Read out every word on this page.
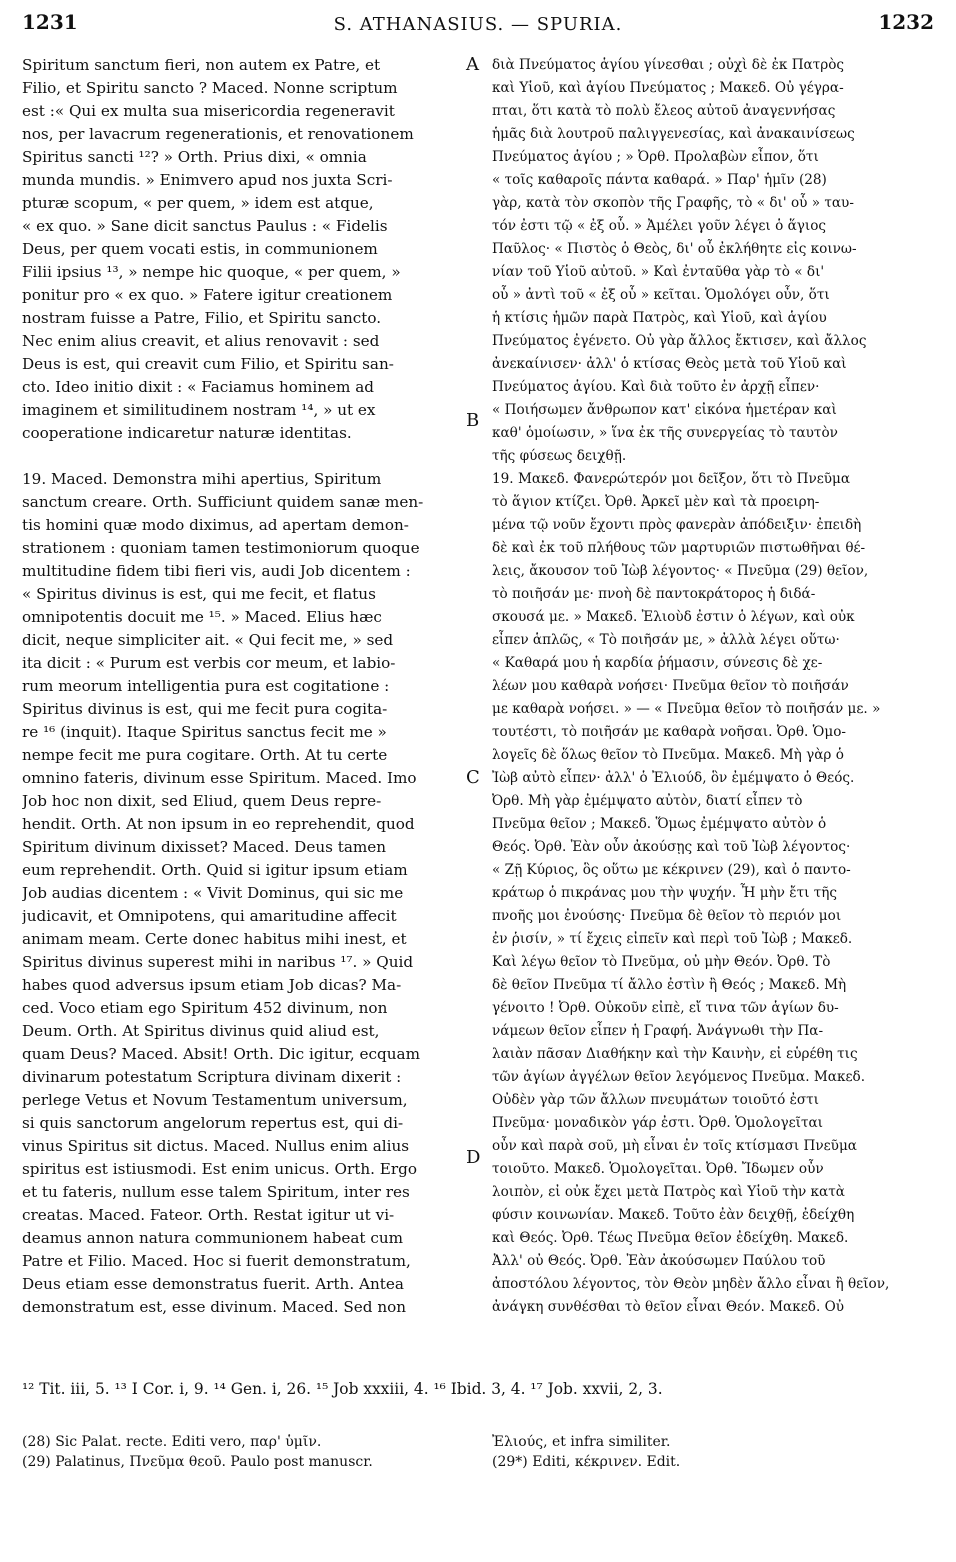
1231	S. ATHANASIUS. — SPURIA.	1232
A
B
C
D

Spiritum sanctum fieri, non autem ex Patre, et

Filio, et Spiritu sancto ? Maced. Nonne scriptum

est :« Qui ex multa sua misericordia regeneravit

nos, per lavacrum regenerationis, et renovationem

Spiritus sancti ¹²? » Orth. Prius dixi, « omnia

munda mundis. » Enimvero apud nos juxta Scri-

pturæ scopum, « per quem, » idem est atque,

« ex quo. » Sane dicit sanctus Paulus : « Fidelis

Deus, per quem vocati estis, in communionem

Filii ipsius ¹³, » nempe hic quoque, « per quem, »

ponitur pro « ex quo. » Fatere igitur creationem

nostram fuisse a Patre, Filio, et Spiritu sancto.

Nec enim alius creavit, et alius renovavit : sed

Deus is est, qui creavit cum Filio, et Spiritu san-

cto. Ideo initio dixit : « Faciamus hominem ad

imaginem et similitudinem nostram ¹⁴, » ut ex

cooperatione indicaretur naturæ identitas.

19. Maced. Demonstra mihi apertius, Spiritum

sanctum creare. Orth. Sufficiunt quidem sanæ men-

tis homini quæ modo diximus, ad apertam demon-

strationem : quoniam tamen testimoniorum quoque

multitudine fidem tibi fieri vis, audi Job dicentem :

« Spiritus divinus is est, qui me fecit, et flatus

omnipotentis docuit me ¹⁵. » Maced. Elius hæc

dicit, neque simpliciter ait. « Qui fecit me, » sed

ita dicit : « Purum est verbis cor meum, et labio-

rum meorum intelligentia pura est cogitatione :

Spiritus divinus is est, qui me fecit pura cogita-

re ¹⁶ (inquit). Itaque Spiritus sanctus fecit me »

nempe fecit me pura cogitare. Orth. At tu certe

omnino fateris, divinum esse Spiritum. Maced. Imo

Job hoc non dixit, sed Eliud, quem Deus repre-

hendit. Orth. At non ipsum in eo reprehendit, quod

Spiritum divinum dixisset? Maced. Deus tamen

eum reprehendit. Orth. Quid si igitur ipsum etiam

Job audias dicentem : « Vivit Dominus, qui sic me

judicavit, et Omnipotens, qui amaritudine affecit

animam meam. Certe donec habitus mihi inest, et

Spiritus divinus superest mihi in naribus ¹⁷. » Quid

habes quod adversus ipsum etiam Job dicas? Ma-

ced. Voco etiam ego Spiritum 452 divinum, non

Deum. Orth. At Spiritus divinus quid aliud est,

quam Deus? Maced. Absit! Orth. Dic igitur, ecquam

divinarum potestatum Scriptura divinam dixerit :

perlege Vetus et Novum Testamentum universum,

si quis sanctorum angelorum repertus est, qui di-

vinus Spiritus sit dictus. Maced. Nullus enim alius

spiritus est istiusmodi. Est enim unicus. Orth. Ergo

et tu fateris, nullum esse talem Spiritum, inter res

creatas. Maced. Fateor. Orth. Restat igitur ut vi-

deamus annon natura communionem habeat cum

Patre et Filio. Maced. Hoc si fuerit demonstratum,

Deus etiam esse demonstratus fuerit. Arth. Antea

demonstratum est, esse divinum. Maced. Sed non

διὰ Πνεύματος ἁγίου γίνεσθαι ; οὐχὶ δὲ ἐκ Πατρὸς

καὶ Υἱοῦ, καὶ ἁγίου Πνεύματος ; Μακεδ. Οὐ γέγρα-

πται, ὅτι κατὰ τὸ πολὺ ἔλεος αὐτοῦ ἀναγεννήσας

ἡμᾶς διὰ λουτροῦ παλιγγενεσίας, καὶ ἀνακαινίσεως

Πνεύματος ἁγίου ; » Ὀρθ. Προλαβὼν εἶπον, ὅτι

« τοῖς καθαροῖς πάντα καθαρά. » Παρ' ἡμῖν (28)

γὰρ, κατὰ τὸν σκοπὸν τῆς Γραφῆς, τὸ « δι' οὗ » ταυ-

τόν ἐστι τῷ « ἐξ οὗ. » Ἀμέλει γοῦν λέγει ὁ ἅγιος

Παῦλος· « Πιστὸς ὁ Θεὸς, δι' οὗ ἐκλήθητε εἰς κοινω-

νίαν τοῦ Υἱοῦ αὐτοῦ. » Καὶ ἐνταῦθα γὰρ τὸ « δι'

οὗ » ἀντὶ τοῦ « ἐξ οὗ » κεῖται. Ὁμολόγει οὖν, ὅτι

ἡ κτίσις ἡμῶν παρὰ Πατρὸς, καὶ Υἱοῦ, καὶ ἁγίου

Πνεύματος ἐγένετο. Οὐ γὰρ ἄλλος ἔκτισεν, καὶ ἄλλος

ἀνεκαίνισεν· ἀλλ' ὁ κτίσας Θεὸς μετὰ τοῦ Υἱοῦ καὶ

Πνεύματος ἁγίου. Καὶ διὰ τοῦτο ἐν ἀρχῇ εἶπεν·

« Ποιήσωμεν ἄνθρωπον κατ' εἰκόνα ἡμετέραν καὶ

καθ' ὁμοίωσιν, » ἵνα ἐκ τῆς συνεργείας τὸ ταυτὸν

τῆς φύσεως δειχθῇ.

19. Μακεδ. Φανερώτερόν μοι δεῖξον, ὅτι τὸ Πνεῦμα

τὸ ἅγιον κτίζει. Ὀρθ. Ἀρκεῖ μὲν καὶ τὰ προειρη-

μένα τῷ νοῦν ἔχοντι πρὸς φανερὰν ἀπόδειξιν· ἐπειδὴ

δὲ καὶ ἐκ τοῦ πλήθους τῶν μαρτυριῶν πιστωθῆναι θέ-

λεις, ἄκουσον τοῦ Ἰὼβ λέγοντος· « Πνεῦμα (29) θεῖον,

τὸ ποιῆσάν με· πνοὴ δὲ παντοκράτορος ἡ διδά-

σκουσά με. » Μακεδ. Ἐλιοὺδ ἐστιν ὁ λέγων, καὶ οὐκ

εἶπεν ἁπλῶς, « Τὸ ποιῆσάν με, » ἀλλὰ λέγει οὕτω·

« Καθαρά μου ἡ καρδία ῥήμασιν, σύνεσις δὲ χε-

λέων μου καθαρὰ νοήσει· Πνεῦμα θεῖον τὸ ποιῆσάν

με καθαρὰ νοήσει. » — « Πνεῦμα θεῖον τὸ ποιῆσάν με. »

τουτέστι, τὸ ποιῆσάν με καθαρὰ νοῆσαι. Ὀρθ. Ὁμο-

λογεῖς δὲ ὅλως θεῖον τὸ Πνεῦμα. Μακεδ. Μὴ γὰρ ὁ

Ἰὼβ αὐτὸ εἶπεν· ἀλλ' ὁ Ἐλιούδ, ὃν ἐμέμψατο ὁ Θεός.

Ὀρθ. Μὴ γὰρ ἐμέμψατο αὐτὸν, διατί εἶπεν τὸ

Πνεῦμα θεῖον ; Μακεδ. Ὅμως ἐμέμψατο αὐτὸν ὁ

Θεός. Ὀρθ. Ἐὰν οὖν ἀκούσῃς καὶ τοῦ Ἰὼβ λέγοντος·

« Ζῇ Κύριος, ὃς οὕτω με κέκρινεν (29), καὶ ὁ παντο-

κράτωρ ὁ πικράνας μου τὴν ψυχήν. Ἦ μὴν ἔτι τῆς

πνοῆς μοι ἐνούσης· Πνεῦμα δὲ θεῖον τὸ περιόν μοι

ἐν ῥισίν, » τί ἔχεις εἰπεῖν καὶ περὶ τοῦ Ἰὼβ ; Μακεδ.

Καὶ λέγω θεῖον τὸ Πνεῦμα, οὐ μὴν Θεόν. Ὀρθ. Τὸ

δὲ θεῖον Πνεῦμα τί ἄλλο ἐστὶν ἢ Θεός ; Μακεδ. Μὴ

γένοιτο ! Ὀρθ. Οὐκοῦν εἰπὲ, εἴ τινα τῶν ἁγίων δυ-

νάμεων θεῖον εἶπεν ἡ Γραφή. Ἀνάγνωθι τὴν Πα-

λαιὰν πᾶσαν Διαθήκην καὶ τὴν Καινὴν, εἰ εὑρέθη τις

τῶν ἁγίων ἀγγέλων θεῖον λεγόμενος Πνεῦμα. Μακεδ.

Οὐδὲν γὰρ τῶν ἄλλων πνευμάτων τοιοῦτό ἐστι

Πνεῦμα· μοναδικὸν γάρ ἐστι. Ὀρθ. Ὁμολογεῖται

οὖν καὶ παρὰ σοῦ, μὴ εἶναι ἐν τοῖς κτίσμασι Πνεῦμα

τοιοῦτο. Μακεδ. Ὁμολογεῖται. Ὀρθ. Ἴδωμεν οὖν

λοιπὸν, εἰ οὐκ ἔχει μετὰ Πατρὸς καὶ Υἱοῦ τὴν κατὰ

φύσιν κοινωνίαν. Μακεδ. Τοῦτο ἐὰν δειχθῇ, ἐδείχθη

καὶ Θεός. Ὀρθ. Τέως Πνεῦμα θεῖον ἐδείχθη. Μακεδ.

Ἀλλ' οὐ Θεός. Ὀρθ. Ἐὰν ἀκούσωμεν Παύλου τοῦ

ἀποστόλου λέγοντος, τὸν Θεὸν μηδὲν ἄλλο εἶναι ἢ θεῖον,

ἀνάγκη συνθέσθαι τὸ θεῖον εἶναι Θεόν. Μακεδ. Οὐ

¹² Tit. iii, 5. ¹³ I Cor. i, 9. ¹⁴ Gen. i, 26. ¹⁵ Job xxxiii, 4. ¹⁶ Ibid. 3, 4. ¹⁷ Job. xxvii, 2, 3.

(28) Sic Palat. recte. Editi vero, παρ' ὑμῖν.

(29) Palatinus, Πνεῦμα θεοῦ. Paulo post manuscr.

Ἐλιούς, et infra similiter.

(29*) Editi, κέκρινεν. Edit.
